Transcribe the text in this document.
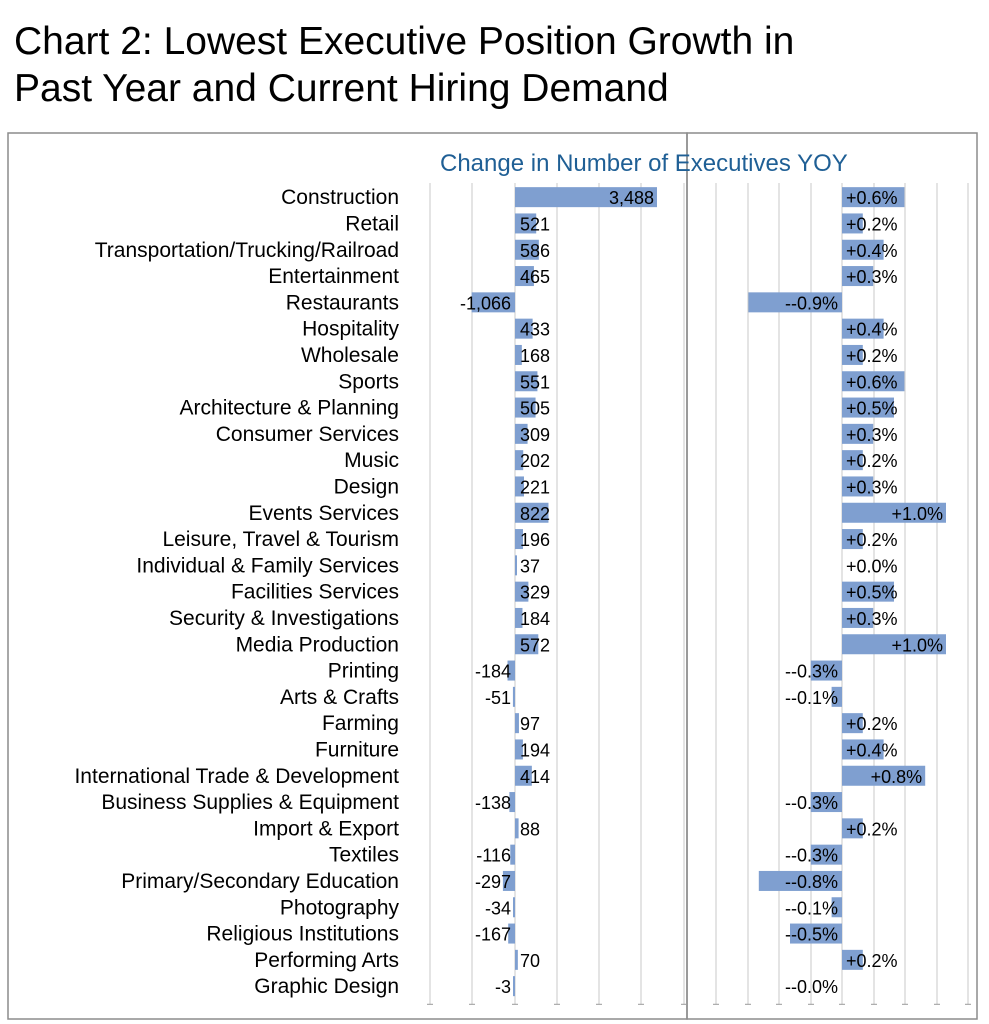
Chart 2: Lowest Executive Position Growth in
Past Year and Current Hiring Demand
Change in Number of Executives YOY
Construction	3,488	+0.6%
Retail	521	+0.2%
Transportation/Trucking/Railroad	586	+0.4%
Entertainment	465	+0.3%
Restaurants	-1,066	--0.9%
Hospitality	433	+0.4%
Wholesale	168	+0.2%
Sports	551	+0.6%
Architecture & Planning	505	+0.5%
Consumer Services	309	+0.3%
Music	202	+0.2%
Design	221	+0.3%
Events Services	822	+1.0%
Leisure, Travel & Tourism	196	+0.2%
Individual & Family Services	37	+0.0%
Facilities Services	329	+0.5%
Security & Investigations	184	+0.3%
Media Production	572	+1.0%
Printing	-184	--0.3%
Arts & Crafts	-51	--0.1%
Farming	97	+0.2%
Furniture	194	+0.4%
International Trade & Development	414	+0.8%
Business Supplies & Equipment	-138	--0.3%
Import & Export	88	+0.2%
Textiles	-116	--0.3%
Primary/Secondary Education	-297	--0.8%
Photography	-34	--0.1%
Religious Institutions	-167	--0.5%
Performing Arts	70	+0.2%
Graphic Design	-3	--0.0%
